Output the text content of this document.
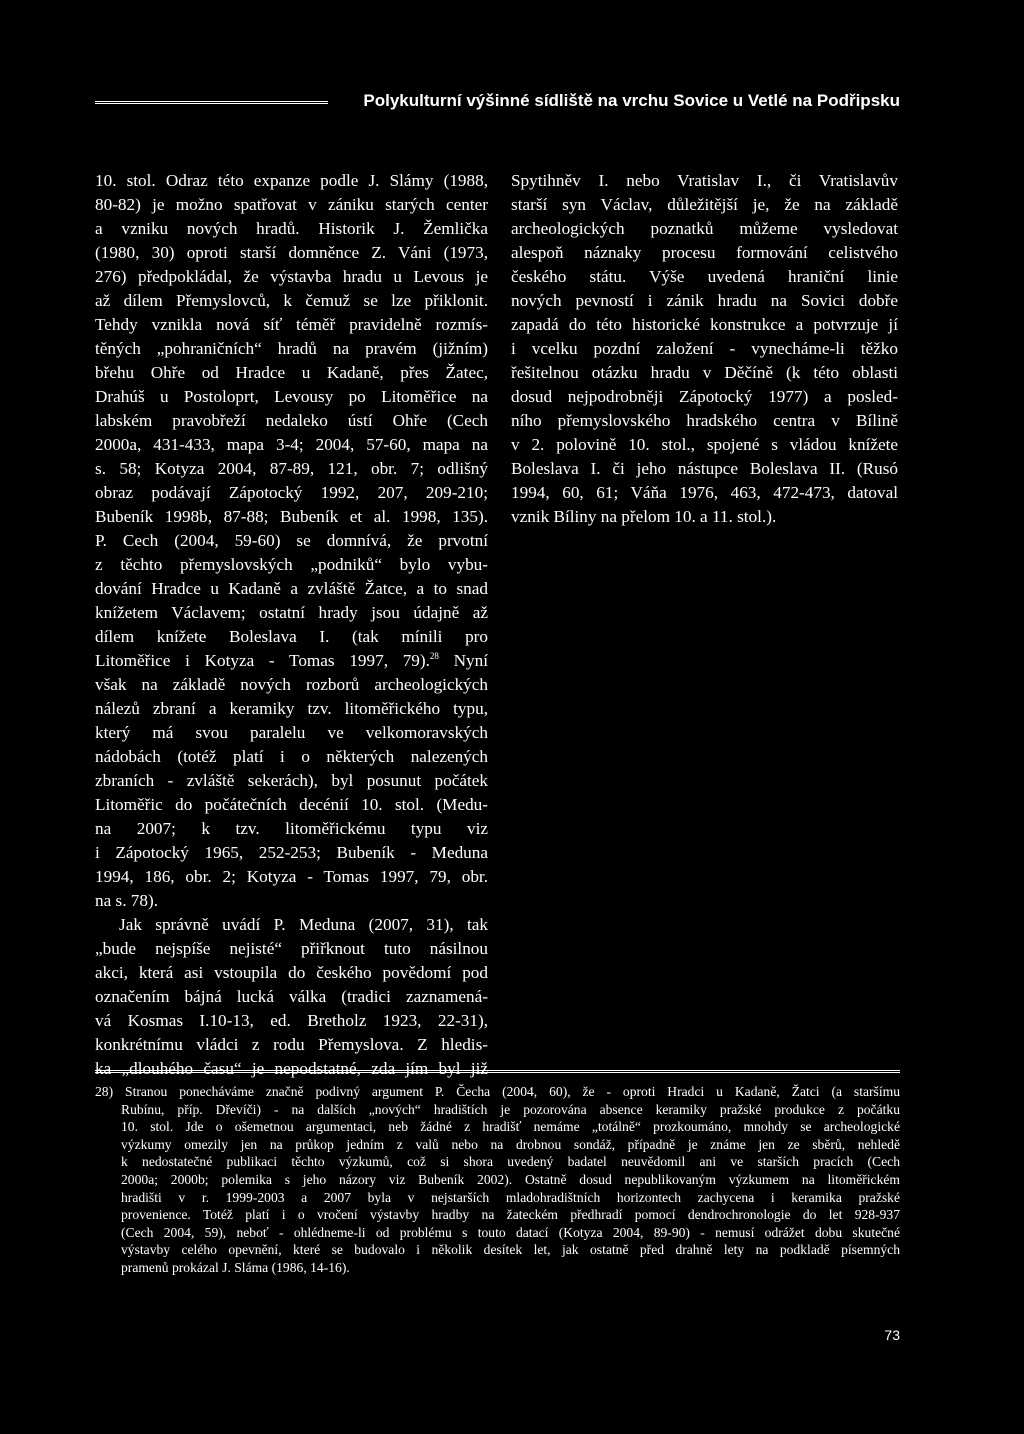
Polykulturní výšinné sídliště na vrchu Sovice u Vetlé na Podřipsku
10. stol. Odraz této expanze podle J. Slámy (1988,
80-82) je možno spatřovat v zániku starých center
a vzniku nových hradů. Historik J. Žemlička
(1980, 30) oproti starší domněnce Z. Váni (1973,
276) předpokládal, že výstavba hradu u Levous je
až dílem Přemyslovců, k čemuž se lze přiklonit.
Tehdy vznikla nová síť téměř pravidelně rozmís-
těných „pohraničních“ hradů na pravém (jižním)
břehu Ohře od Hradce u Kadaně, přes Žatec,
Drahúš u Postoloprt, Levousy po Litoměřice na
labském pravobřeží nedaleko ústí Ohře (Cech
2000a, 431-433, mapa 3-4; 2004, 57-60, mapa na
s. 58; Kotyza 2004, 87-89, 121, obr. 7; odlišný
obraz podávají Zápotocký 1992, 207, 209-210;
Bubeník 1998b, 87-88; Bubeník et al. 1998, 135).
P. Cech (2004, 59-60) se domnívá, že prvotní
z těchto přemyslovských „podniků“ bylo vybu-
dování Hradce u Kadaně a zvláště Žatce, a to snad
knížetem Václavem; ostatní hrady jsou údajně až
dílem knížete Boleslava I. (tak mínili pro
Litoměřice i Kotyza - Tomas 1997, 79).$^{28}$ Nyní
však na základě nových rozborů archeologických
nálezů zbraní a keramiky tzv. litoměřického typu,
který má svou paralelu ve velkomoravských
nádobách (totéž platí i o některých nalezených
zbraních - zvláště sekerách), byl posunut počátek
Litoměřic do počátečních decénií 10. stol. (Medu-
na 2007; k tzv. litoměřickému typu viz
i Zápotocký 1965, 252-253; Bubeník - Meduna
1994, 186, obr. 2; Kotyza - Tomas 1997, 79, obr.
na s. 78).
Jak správně uvádí P. Meduna (2007, 31), tak
„bude nejspíše nejisté“ přiřknout tuto násilnou
akci, která asi vstoupila do českého povědomí pod
označením bájná lucká válka (tradici zaznamená-
vá Kosmas I.10-13, ed. Bretholz 1923, 22-31),
konkrétnímu vládci z rodu Přemyslova. Z hledis-
ka „dlouhého času“ je nepodstatné, zda jím byl již
Spytihněv I. nebo Vratislav I., či Vratislavův
starší syn Václav, důležitější je, že na základě
archeologických poznatků můžeme vysledovat
alespoň náznaky procesu formování celistvého
českého státu. Výše uvedená hraniční linie
nových pevností i zánik hradu na Sovici dobře
zapadá do této historické konstrukce a potvrzuje jí
i vcelku pozdní založení - vynecháme-li těžko
řešitelnou otázku hradu v Děčíně (k této oblasti
dosud nejpodrobněji Zápotocký 1977) a posled-
ního přemyslovského hradského centra v Bílině
v 2. polovině 10. stol., spojené s vládou knížete
Boleslava I. či jeho nástupce Boleslava II. (Rusó
1994, 60, 61; Váňa 1976, 463, 472-473, datoval
vznik Bíliny na přelom 10. a 11. stol.).
28) Stranou ponecháváme značně podivný argument P. Čecha (2004, 60), že - oproti Hradci u Kadaně, Žatci (a staršímu
Rubínu, příp. Dřevíči) - na dalších „nových“ hradištích je pozorována absence keramiky pražské produkce z počátku
10. stol. Jde o ošemetnou argumentaci, neb žádné z hradišť nemáme „totálně“ prozkoumáno, mnohdy se archeologické
výzkumy omezily jen na průkop jedním z valů nebo na drobnou sondáž, případně je známe jen ze sběrů, nehledě
k nedostatečné publikaci těchto výzkumů, což si shora uvedený badatel neuvědomil ani ve starších pracích (Cech
2000a; 2000b; polemika s jeho názory viz Bubeník 2002). Ostatně dosud nepublikovaným výzkumem na litoměřickém
hradišti v r. 1999-2003 a 2007 byla v nejstarších mladohradištních horizontech zachycena i keramika pražské
provenience. Totéž platí i o vročení výstavby hradby na žateckém předhradí pomocí dendrochronologie do let 928-937
(Cech 2004, 59), neboť - ohlédneme-li od problému s touto datací (Kotyza 2004, 89-90) - nemusí odrážet dobu skutečné
výstavby celého opevnění, které se budovalo i několik desítek let, jak ostatně před drahně lety na podkladě písemných
pramenů prokázal J. Sláma (1986, 14-16).
73
